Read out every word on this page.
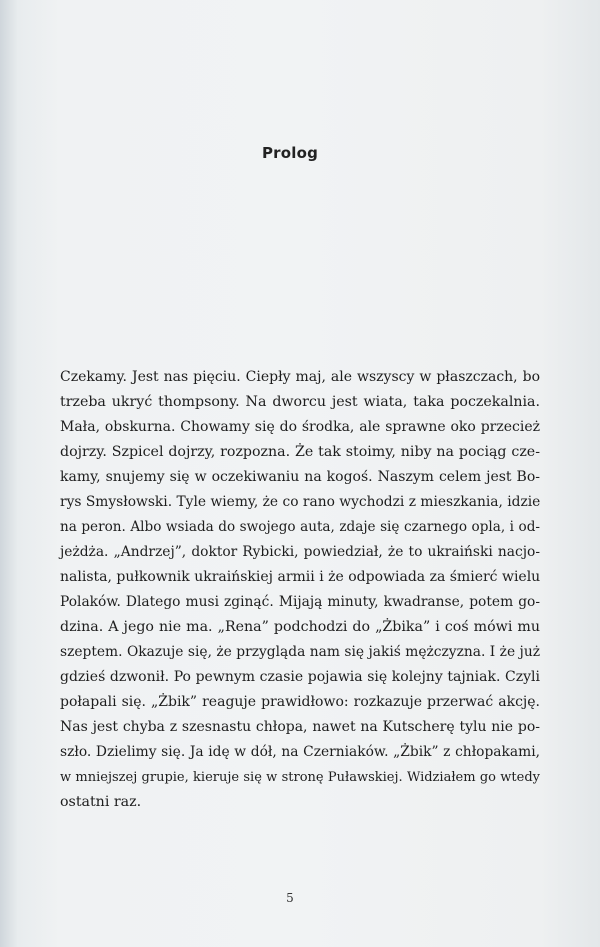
Prolog
Czekamy. Jest nas pięciu. Ciepły maj, ale wszyscy w płaszczach, bo
trzeba ukryć thompsony. Na dworcu jest wiata, taka poczekalnia.
Mała, obskurna. Chowamy się do środka, ale sprawne oko przecież
dojrzy. Szpicel dojrzy, rozpozna. Że tak stoimy, niby na pociąg cze-
kamy, snujemy się w oczekiwaniu na kogoś. Naszym celem jest Bo-
rys Smysłowski. Tyle wiemy, że co rano wychodzi z mieszkania, idzie
na peron. Albo wsiada do swojego auta, zdaje się czarnego opla, i od-
jeżdża. „Andrzej”, doktor Rybicki, powiedział, że to ukraiński nacjo-
nalista, pułkownik ukraińskiej armii i że odpowiada za śmierć wielu
Polaków. Dlatego musi zginąć. Mijają minuty, kwadranse, potem go-
dzina. A jego nie ma. „Rena” podchodzi do „Żbika” i coś mówi mu
szeptem. Okazuje się, że przygląda nam się jakiś mężczyzna. I że już
gdzieś dzwonił. Po pewnym czasie pojawia się kolejny tajniak. Czyli
połapali się. „Żbik” reaguje prawidłowo: rozkazuje przerwać akcję.
Nas jest chyba z szesnastu chłopa, nawet na Kutscherę tylu nie po-
szło. Dzielimy się. Ja idę w dół, na Czerniaków. „Żbik” z chłopakami,
w mniejszej grupie, kieruje się w stronę Puławskiej. Widziałem go wtedy
ostatni raz.
5
